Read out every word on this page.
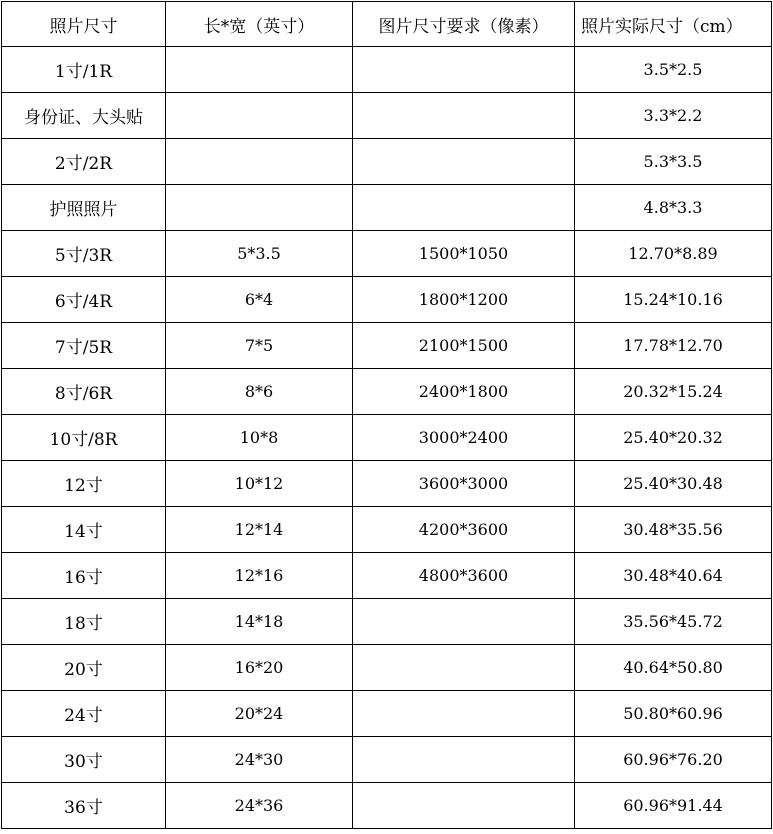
照片尺寸	长*宽（英寸）	图片尺寸要求（像素）	照片实际尺寸（cm）
1寸/1R			3.5*2.5
身份证、大头贴			3.3*2.2
2寸/2R			5.3*3.5
护照照片			4.8*3.3
5寸/3R	5*3.5	1500*1050	12.70*8.89
6寸/4R	6*4	1800*1200	15.24*10.16
7寸/5R	7*5	2100*1500	17.78*12.70
8寸/6R	8*6	2400*1800	20.32*15.24
10寸/8R	10*8	3000*2400	25.40*20.32
12寸	10*12	3600*3000	25.40*30.48
14寸	12*14	4200*3600	30.48*35.56
16寸	12*16	4800*3600	30.48*40.64
18寸	14*18		35.56*45.72
20寸	16*20		40.64*50.80
24寸	20*24		50.80*60.96
30寸	24*30		60.96*76.20
36寸	24*36		60.96*91.44
